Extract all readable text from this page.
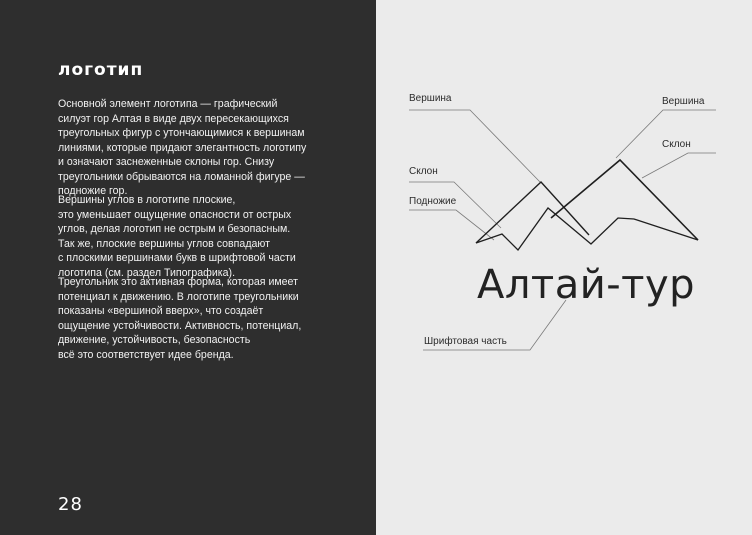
логотип

Основной элемент логотипа — графический
силуэт гор Алтая в виде двух пересекающихся
треугольных фигур с утончающимися к вершинам
линиями, которые придают элегантность логотипу
и означают заснеженные склоны гор. Снизу
треугольники обрываются на ломанной фигуре —
подножие гор.

Вершины углов в логотипе плоские,
это уменьшает ощущение опасности от острых
углов, делая логотип не острым и безопасным.
Так же, плоские вершины углов совпадают
с плоскими вершинами букв в шрифтовой части
логотипа (см. раздел Типографика).

Треугольник это активная форма, которая имеет
потенциал к движению. В логотипе треугольники
показаны «вершиной вверх», что создаёт
ощущение устойчивости. Активность, потенциал,
движение, устойчивость, безопасность
всё это соответствует идее бренда.

28
Вершина	Вершина
Склон
Склон
Подножие
Шрифтовая часть
Алтай-тур
